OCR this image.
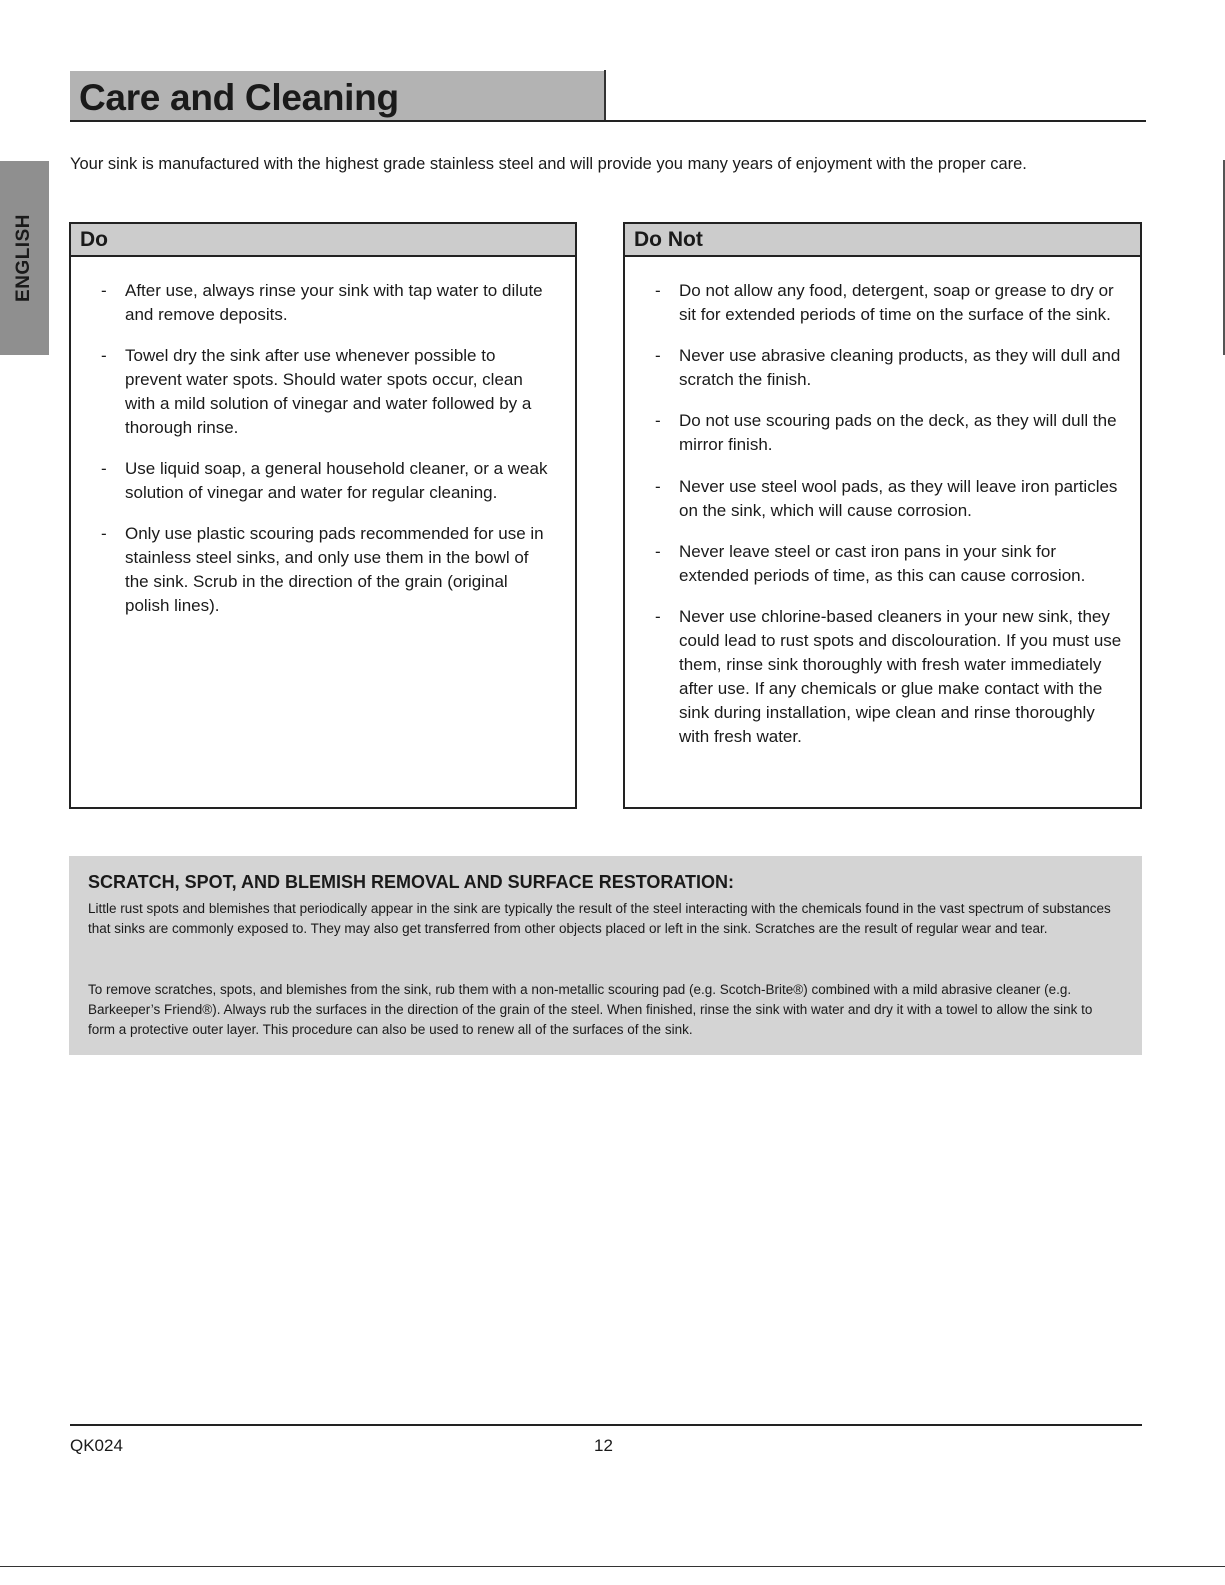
ENGLISH
Care and Cleaning
Your sink is manufactured with the highest grade stainless steel and will provide you many years of enjoyment with the proper care.
Do
- After use, always rinse your sink with tap water to dilute and remove deposits.
- Towel dry the sink after use whenever possible to prevent water spots. Should water spots occur, clean with a mild solution of vinegar and water followed by a thorough rinse.
- Use liquid soap, a general household cleaner, or a weak solution of vinegar and water for regular cleaning.
- Only use plastic scouring pads recommended for use in stainless steel sinks, and only use them in the bowl of the sink. Scrub in the direction of the grain (original polish lines).
Do Not
- Do not allow any food, detergent, soap or grease to dry or sit for extended periods of time on the surface of the sink.
- Never use abrasive cleaning products, as they will dull and scratch the finish.
- Do not use scouring pads on the deck, as they will dull the mirror finish.
- Never use steel wool pads, as they will leave iron particles on the sink, which will cause corrosion.
- Never leave steel or cast iron pans in your sink for extended periods of time, as this can cause corrosion.
- Never use chlorine-based cleaners in your new sink, they could lead to rust spots and discolouration. If you must use them, rinse sink thoroughly with fresh water immediately after use. If any chemicals or glue make contact with the sink during installation, wipe clean and rinse thoroughly with fresh water.
SCRATCH, SPOT, AND BLEMISH REMOVAL AND SURFACE RESTORATION:

Little rust spots and blemishes that periodically appear in the sink are typically the result of the steel interacting with the chemicals found in the vast spectrum of substances that sinks are commonly exposed to. They may also get transferred from other objects placed or left in the sink. Scratches are the result of regular wear and tear.

To remove scratches, spots, and blemishes from the sink, rub them with a non-metallic scouring pad (e.g. Scotch-Brite®) combined with a mild abrasive cleaner (e.g. Barkeeper’s Friend®). Always rub the surfaces in the direction of the grain of the steel. When finished, rinse the sink with water and dry it with a towel to allow the sink to form a protective outer layer. This procedure can also be used to renew all of the surfaces of the sink.

QK024	12
